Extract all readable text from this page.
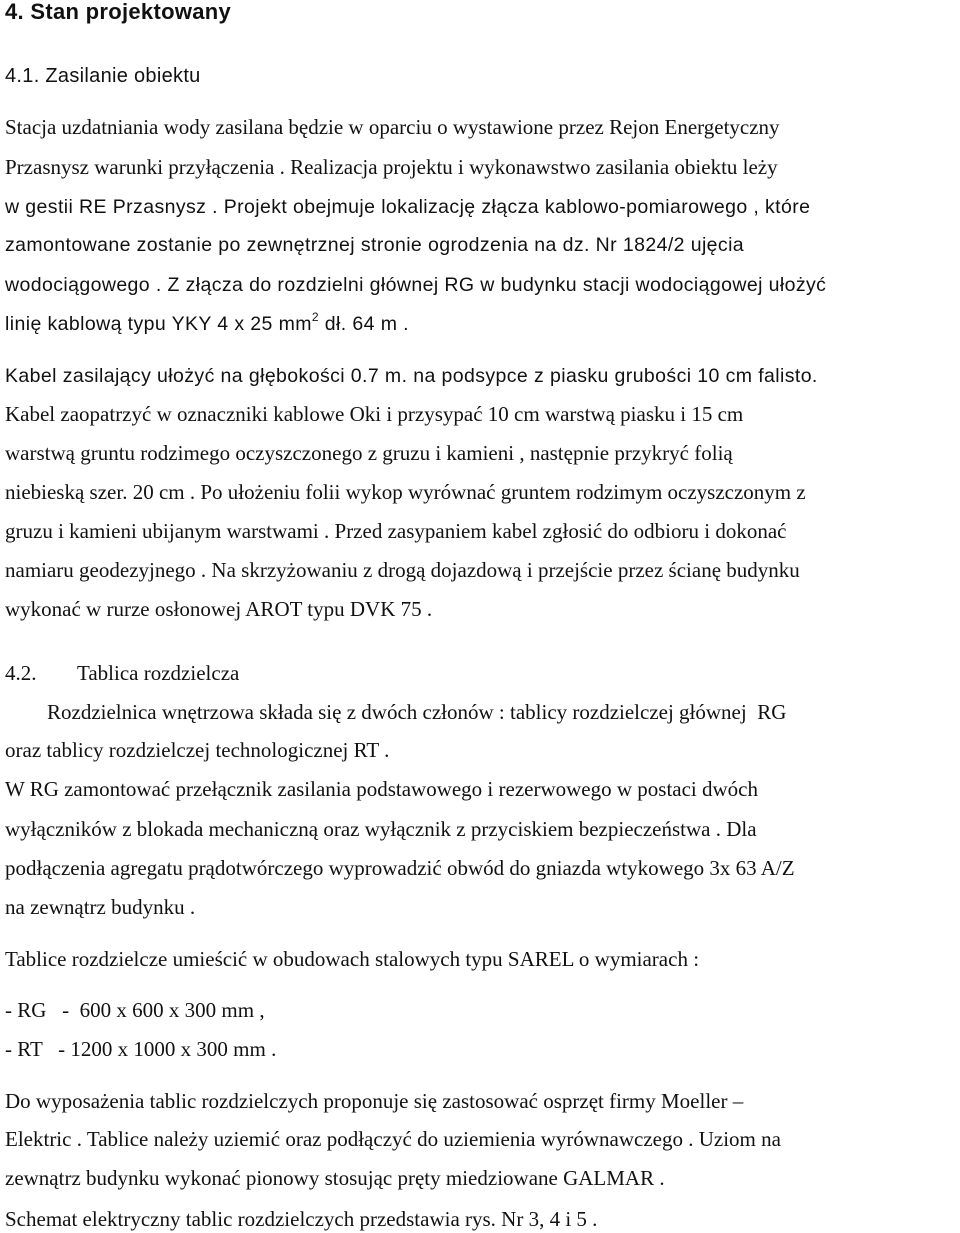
4. Stan projektowany
4.1. Zasilanie obiektu
Stacja uzdatniania wody zasilana będzie w oparciu o wystawione przez Rejon Energetyczny
Przasnysz warunki przyłączenia . Realizacja projektu i wykonawstwo zasilania obiektu leży
w gestii RE Przasnysz . Projekt obejmuje lokalizację złącza kablowo-pomiarowego , które
zamontowane zostanie po zewnętrznej stronie ogrodzenia na dz. Nr 1824/2 ujęcia
wodociągowego . Z złącza do rozdzielni głównej RG w budynku stacji wodociągowej ułożyć
linię kablową typu YKY 4 x 25 $mm^2$ dł. 64 m .
Kabel zasilający ułożyć na głębokości 0.7 m. na podsypce z piasku grubości 10 cm falisto.
Kabel zaopatrzyć w oznaczniki kablowe Oki i przysypać 10 cm warstwą piasku i 15 cm
warstwą gruntu rodzimego oczyszczonego z gruzu i kamieni , następnie przykryć folią
niebieską szer. 20 cm . Po ułożeniu folii wykop wyrównać gruntem rodzimym oczyszczonym z
gruzu i kamieni ubijanym warstwami . Przed zasypaniem kabel zgłosić do odbioru i dokonać
namiaru geodezyjnego . Na skrzyżowaniu z drogą dojazdową i przejście przez ścianę budynku
wykonać w rurze osłonowej AROT typu DVK 75 .
4.2. Tablica rozdzielcza
Rozdzielnica wnętrzowa składa się z dwóch członów : tablicy rozdzielczej głównej  RG
oraz tablicy rozdzielczej technologicznej RT .
W RG zamontować przełącznik zasilania podstawowego i rezerwowego w postaci dwóch
wyłączników z blokada mechaniczną oraz wyłącznik z przyciskiem bezpieczeństwa . Dla
podłączenia agregatu prądotwórczego wyprowadzić obwód do gniazda wtykowego 3x 63 A/Z
na zewnątrz budynku .
Tablice rozdzielcze umieścić w obudowach stalowych typu SAREL o wymiarach :
- RG   -  600 x 600 x 300 mm ,
- RT   - 1200 x 1000 x 300 mm .
Do wyposażenia tablic rozdzielczych proponuje się zastosować osprzęt firmy Moeller –
Elektric . Tablice należy uziemić oraz podłączyć do uziemienia wyrównawczego . Uziom na
zewnątrz budynku wykonać pionowy stosując pręty miedziowane GALMAR .
Schemat elektryczny tablic rozdzielczych przedstawia rys. Nr 3, 4 i 5 .
